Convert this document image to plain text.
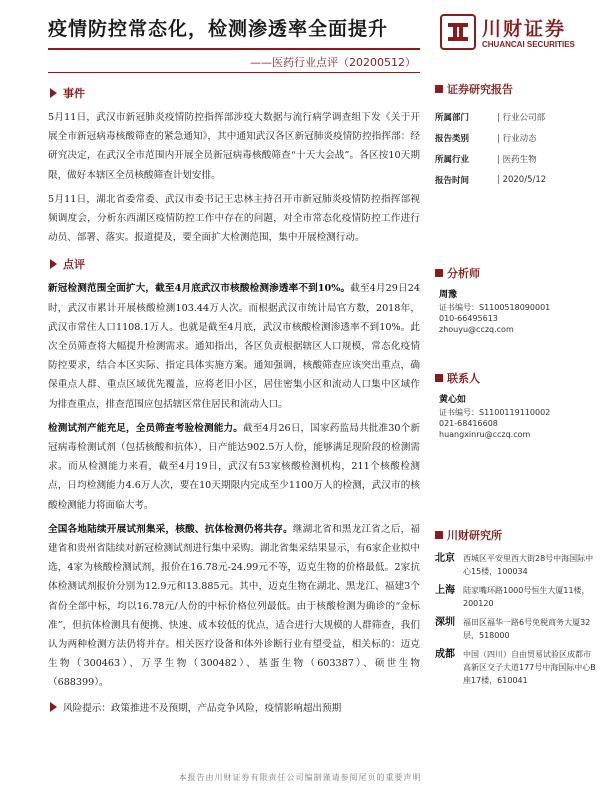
疫情防控常态化，检测渗透率全面提升
——医药行业点评（20200512）
川财证券
CHUANCAI SECURITIES
事件

5月11日，武汉市新冠肺炎疫情防控指挥部涉疫大数据与流行病学调查组下发《关于开展全市新冠病毒核酸筛查的紧急通知》，其中通知武汉各区新冠肺炎疫情防控指挥部：经研究决定，在武汉全市范围内开展全员新冠病毒核酸筛查“十天大会战”。各区按10天期限，做好本辖区全员核酸筛查计划安排。

5月11日，湖北省委常委、武汉市委书记王忠林主持召开市新冠肺炎疫情防控指挥部视频调度会，分析东西湖区疫情防控工作中存在的问题，对全市常态化疫情防控工作进行动员、部署、落实。报道提及，要全面扩大检测范围，集中开展检测行动。

点评

新冠检测范围全面扩大，截至4月底武汉市核酸检测渗透率不到10%。截至4月29日24时，武汉市累计开展核酸检测103.44万人次。而根据武汉市统计局官方数，2018年，武汉市常住人口1108.1万人。也就是截至4月底，武汉市核酸检测渗透率不到10%。此次全员筛查将大幅提升检测需求。通知指出，各区负责根据辖区人口规模，常态化疫情防控要求，结合本区实际、指定具体实施方案。通知强调，核酸筛查应该突出重点，确保重点人群、重点区域优先覆盖，应将老旧小区，居住密集小区和流动人口集中区域作为排查重点，排查范围应包括辖区常住居民和流动人口。

检测试剂产能充足，全员筛查考验检测能力。截至4月26日，国家药监局共批准30个新冠病毒检测试剂（包括核酸和抗体），日产能达902.5万人份，能够满足现阶段的检测需求。而从检测能力来看，截至4月19日，武汉有53家核酸检测机构，211个核酸检测点，日均检测能力4.6万人次，要在10天期限内完成至少1100万人的检测，武汉市的核酸检测能力将面临大考。

全国各地陆续开展试剂集采，核酸、抗体检测仍将共存。继湖北省和黑龙江省之后，福建省和贵州省陆续对新冠检测试剂进行集中采购。湖北省集采结果显示，有6家企业拟中选，4家为核酸检测试剂，报价在16.78元-24.99元不等，迈克生物的价格最低。2家抗体检测试剂报价分别为12.9元和13.885元。其中，迈克生物在湖北、黑龙江、福建3个省份全部中标，均以16.78元/人份的中标价格位列最低。由于核酸检测为确诊的“金标准”，但抗体检测具有便携、快速、成本较低的优点，适合进行大规模的人群筛查，我们认为两种检测方法仍将并存。相关医疗设备和体外诊断行业有望受益，相关标的：迈克生物（300463）、万孚生物（300482）、基蛋生物（603387）、硕世生物（688399）。

风险提示：政策推进不及预期，产品竞争风险，疫情影响超出预期
证券研究报告
所属部门	| 行业公司部
报告类别	| 行业动态
所属行业	| 医药生物
报告时间	| 2020/5/12
分析师
周豫
证书编号：S1100518090001
010-66495613
zhouyu@cczq.com
联系人
黄心如
证书编号：S1100119110002
021-68416608
huangxinru@cczq.com
川财研究所
北京	西城区平安里西大街28号中海国际中心15楼，100034
上海	陆家嘴环路1000号恒生大厦11楼，200120
深圳	福田区福华一路6号免税商务大厦32层，518000
成都	中国（四川）自由贸易试验区成都市高新区交子大道177号中海国际中心B座17楼，610041
本报告由川财证券有限责任公司编制谨请参阅尾页的重要声明
